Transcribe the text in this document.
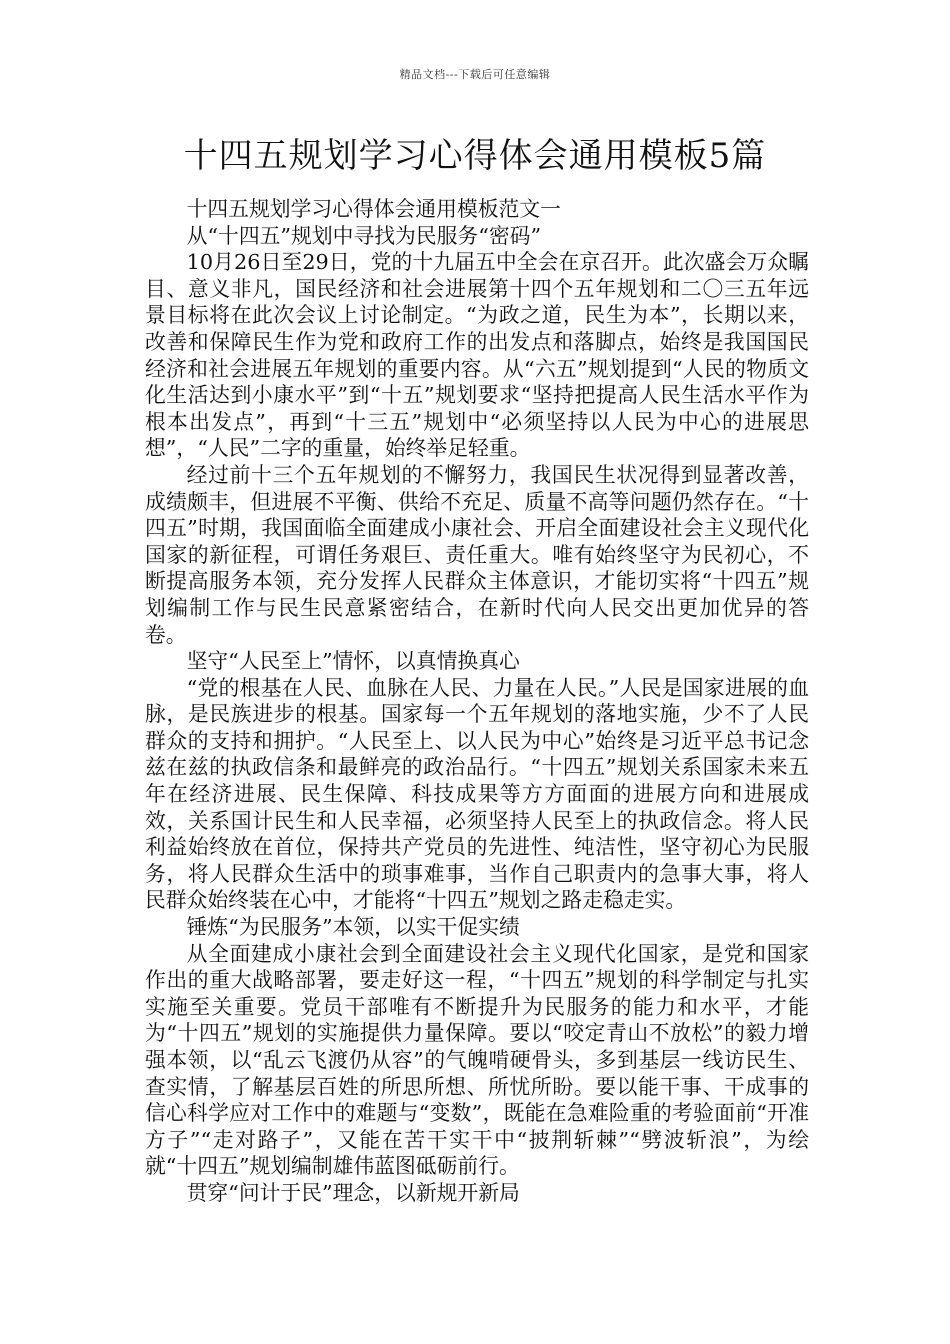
精品文档---下载后可任意编辑
十四五规划学习心得体会通用模板5篇

十四五规划学习心得体会通用模板范文一

从“十四五”规划中寻找为民服务“密码”

10月26日至29日，党的十九届五中全会在京召开。此次盛会万众瞩目、意义非凡，国民经济和社会进展第十四个五年规划和二〇三五年远景目标将在此次会议上讨论制定。“为政之道，民生为本”，长期以来，改善和保障民生作为党和政府工作的出发点和落脚点，始终是我国国民经济和社会进展五年规划的重要内容。从“六五”规划提到“人民的物质文化生活达到小康水平”到“十五”规划要求“坚持把提高人民生活水平作为根本出发点”，再到“十三五”规划中“必须坚持以人民为中心的进展思想”，“人民”二字的重量，始终举足轻重。

经过前十三个五年规划的不懈努力，我国民生状况得到显著改善，成绩颇丰，但进展不平衡、供给不充足、质量不高等问题仍然存在。“十四五”时期，我国面临全面建成小康社会、开启全面建设社会主义现代化国家的新征程，可谓任务艰巨、责任重大。唯有始终坚守为民初心，不断提高服务本领，充分发挥人民群众主体意识，才能切实将“十四五”规划编制工作与民生民意紧密结合，在新时代向人民交出更加优异的答卷。

坚守“人民至上”情怀，以真情换真心

“党的根基在人民、血脉在人民、力量在人民。”人民是国家进展的血脉，是民族进步的根基。国家每一个五年规划的落地实施，少不了人民群众的支持和拥护。“人民至上、以人民为中心”始终是习近平总书记念兹在兹的执政信条和最鲜亮的政治品行。“十四五”规划关系国家未来五年在经济进展、民生保障、科技成果等方方面面的进展方向和进展成效，关系国计民生和人民幸福，必须坚持人民至上的执政信念。将人民利益始终放在首位，保持共产党员的先进性、纯洁性，坚守初心为民服务，将人民群众生活中的琐事难事，当作自己职责内的急事大事，将人民群众始终装在心中，才能将“十四五”规划之路走稳走实。

锤炼“为民服务”本领，以实干促实绩

从全面建成小康社会到全面建设社会主义现代化国家，是党和国家作出的重大战略部署，要走好这一程，“十四五”规划的科学制定与扎实实施至关重要。党员干部唯有不断提升为民服务的能力和水平，才能为“十四五”规划的实施提供力量保障。要以“咬定青山不放松”的毅力增强本领，以“乱云飞渡仍从容”的气魄啃硬骨头，多到基层一线访民生、查实情，了解基层百姓的所思所想、所忧所盼。要以能干事、干成事的信心科学应对工作中的难题与“变数”，既能在急难险重的考验面前“开准方子”“走对路子”，又能在苦干实干中“披荆斩棘”“劈波斩浪”，为绘就“十四五”规划编制雄伟蓝图砥砺前行。

贯穿“问计于民”理念，以新规开新局
